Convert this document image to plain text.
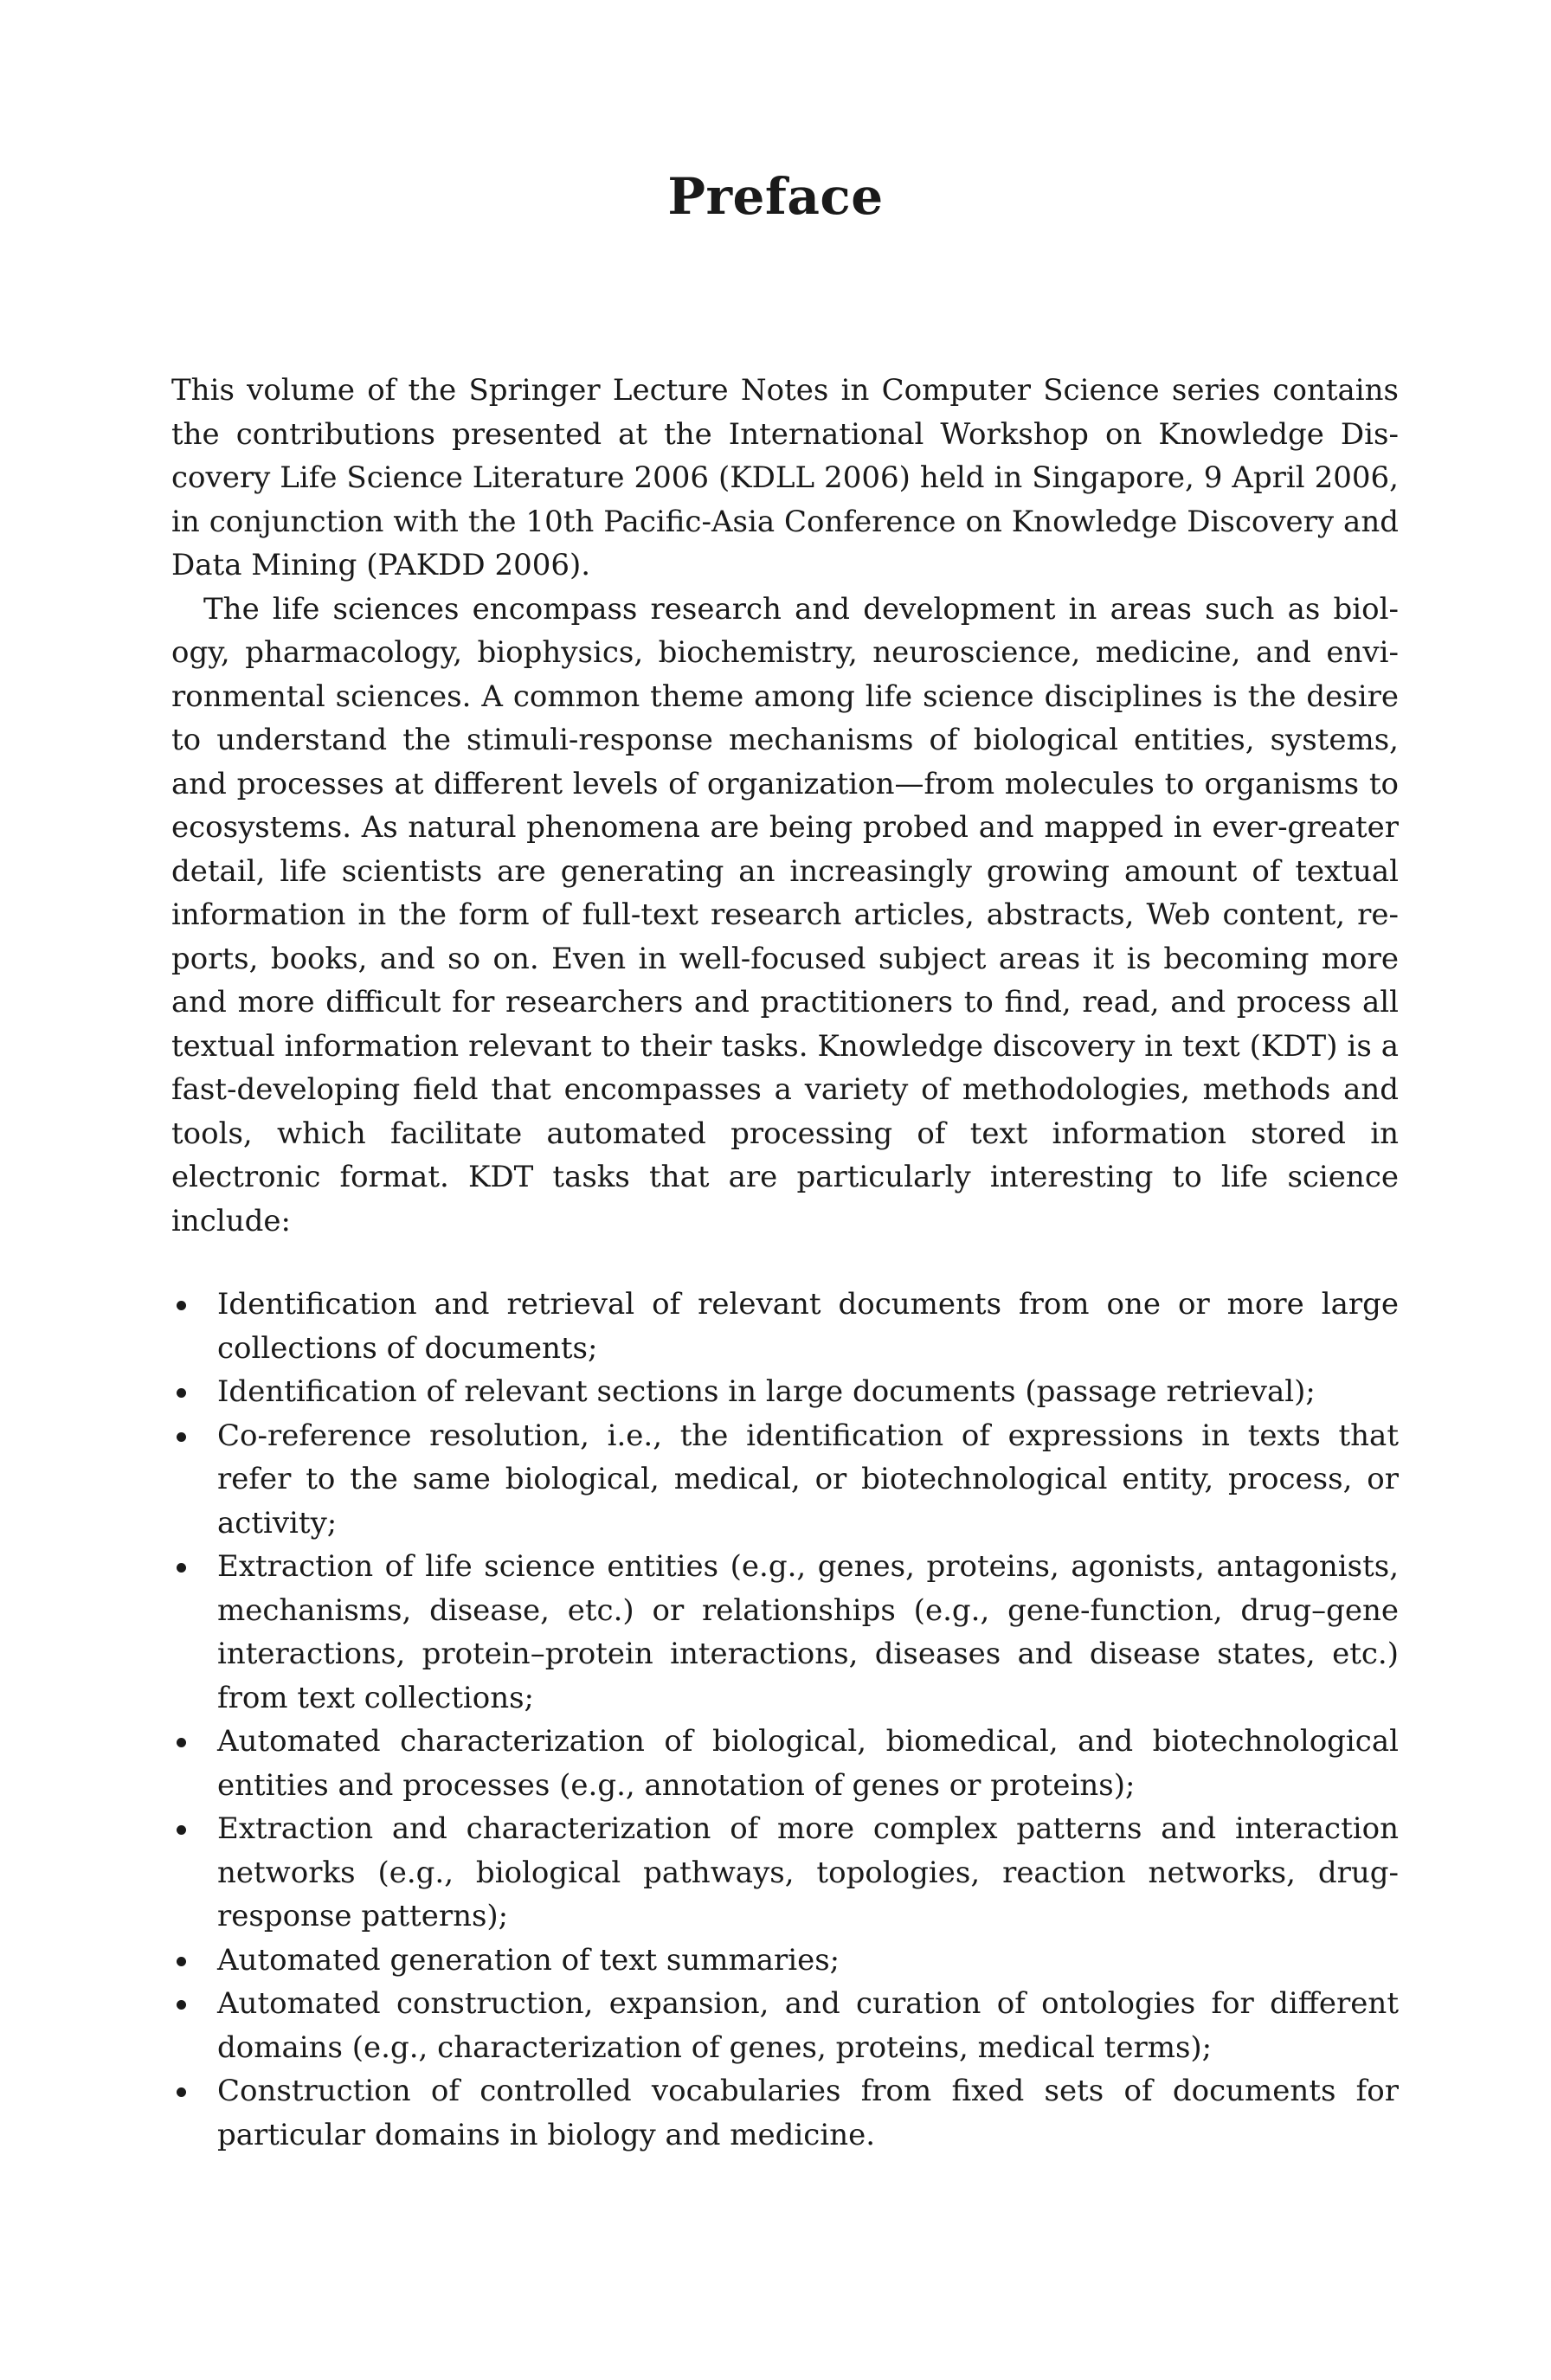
Preface

This volume of the Springer Lecture Notes in Computer Science series contains the contributions presented at the International Workshop on Knowledge Discovery Life Science Literature 2006 (KDLL 2006) held in Singapore, 9 April 2006, in conjunction with the 10th Pacific-Asia Conference on Knowledge Discovery and Data Mining (PAKDD 2006).

The life sciences encompass research and development in areas such as biology, pharmacology, biophysics, biochemistry, neuroscience, medicine, and environmental sciences. A common theme among life science disciplines is the desire to understand the stimuli-response mechanisms of biological entities, systems, and processes at different levels of organization—from molecules to organisms to ecosystems. As natural phenomena are being probed and mapped in ever-greater detail, life scientists are generating an increasingly growing amount of textual information in the form of full-text research articles, abstracts, Web content, reports, books, and so on. Even in well-focused subject areas it is becoming more and more difficult for researchers and practitioners to find, read, and process all textual information relevant to their tasks. Knowledge discovery in text (KDT) is a fast-developing field that encompasses a variety of methodologies, methods and tools, which facilitate automated processing of text information stored in electronic format. KDT tasks that are particularly interesting to life science include:

Identification and retrieval of relevant documents from one or more large collections of documents;
Identification of relevant sections in large documents (passage retrieval);
Co-reference resolution, i.e., the identification of expressions in texts that refer to the same biological, medical, or biotechnological entity, process, or activity;
Extraction of life science entities (e.g., genes, proteins, agonists, antagonists, mechanisms, disease, etc.) or relationships (e.g., gene-function, drug–gene interactions, protein–protein interactions, diseases and disease states, etc.) from text collections;
Automated characterization of biological, biomedical, and biotechnological entities and processes (e.g., annotation of genes or proteins);
Extraction and characterization of more complex patterns and interaction networks (e.g., biological pathways, topologies, reaction networks, drug-response patterns);
Automated generation of text summaries;
Automated construction, expansion, and curation of ontologies for different domains (e.g., characterization of genes, proteins, medical terms);
Construction of controlled vocabularies from fixed sets of documents for particular domains in biology and medicine.
